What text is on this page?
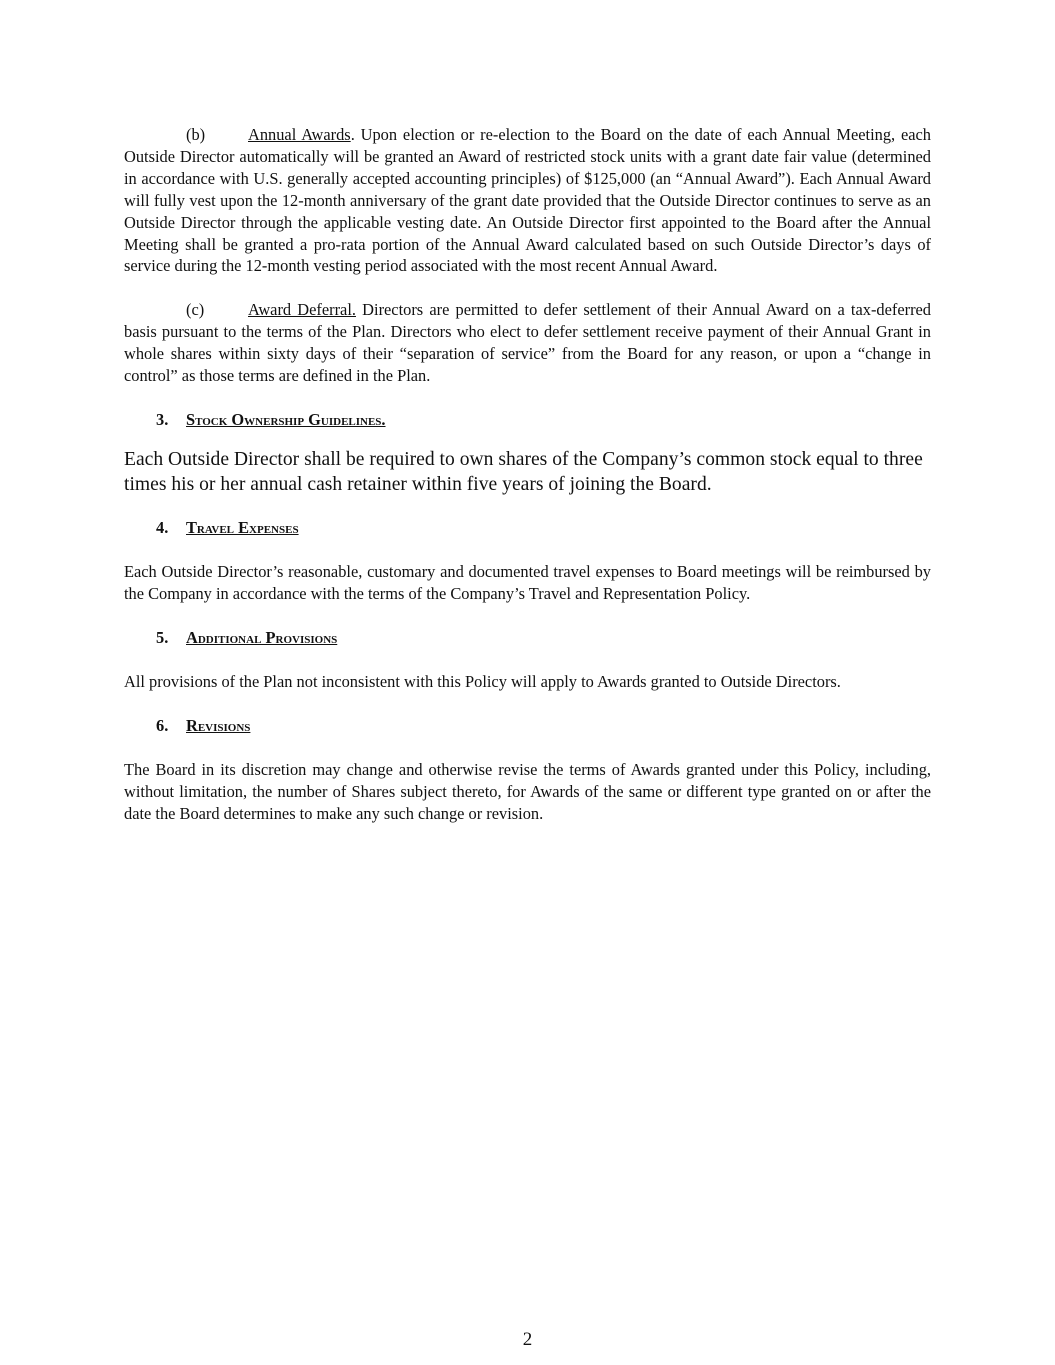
(b)	Annual Awards. Upon election or re-election to the Board on the date of each Annual Meeting, each Outside Director automatically will be granted an Award of restricted stock units with a grant date fair value (determined in accordance with U.S. generally accepted accounting principles) of $125,000 (an “Annual Award”). Each Annual Award will fully vest upon the 12-month anniversary of the grant date provided that the Outside Director continues to serve as an Outside Director through the applicable vesting date. An Outside Director first appointed to the Board after the Annual Meeting shall be granted a pro-rata portion of the Annual Award calculated based on such Outside Director’s days of service during the 12-month vesting period associated with the most recent Annual Award.

(c)	Award Deferral. Directors are permitted to defer settlement of their Annual Award on a tax-deferred basis pursuant to the terms of the Plan. Directors who elect to defer settlement receive payment of their Annual Grant in whole shares within sixty days of their “separation of service” from the Board for any reason, or upon a “change in control” as those terms are defined in the Plan.

3. Stock Ownership Guidelines.

Each Outside Director shall be required to own shares of the Company’s common stock equal to three times his or her annual cash retainer within five years of joining the Board.

4. Travel Expenses

Each Outside Director’s reasonable, customary and documented travel expenses to Board meetings will be reimbursed by the Company in accordance with the terms of the Company’s Travel and Representation Policy.

5. Additional Provisions

All provisions of the Plan not inconsistent with this Policy will apply to Awards granted to Outside Directors.

6. Revisions

The Board in its discretion may change and otherwise revise the terms of Awards granted under this Policy, including, without limitation, the number of Shares subject thereto, for Awards of the same or different type granted on or after the date the Board determines to make any such change or revision.

2
